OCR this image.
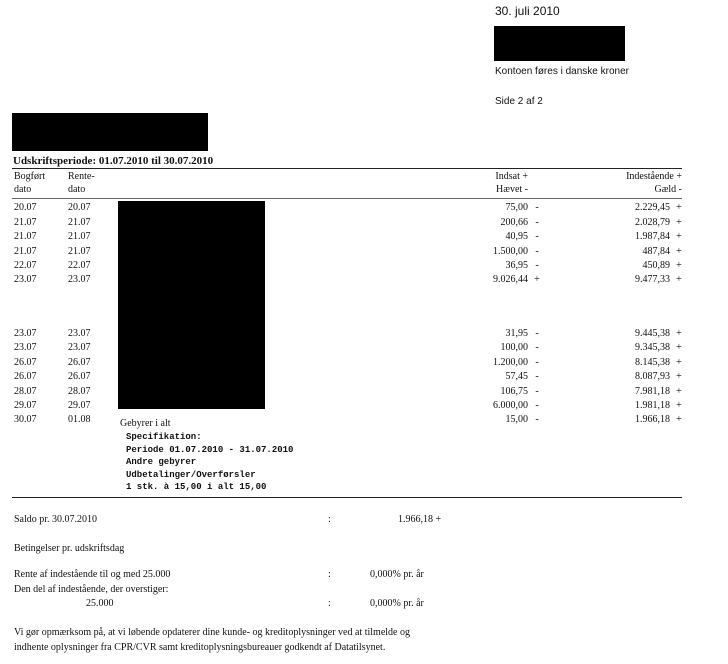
30. juli 2010
Kontoen føres i danske kroner
Side 2 af 2
Udskriftsperiode: 01.07.2010 til 30.07.2010
Bogført
dato
Rente-
dato
Indsat +
Hævet -
Indestående +
Gæld -
20.07	20.07	75,00 -	2.229,45 +
21.07	21.07	200,66 -	2.028,79 +
21.07	21.07	40,95 -	1.987,84 +
21.07	21.07	1.500,00 -	487,84 +
22.07	22.07	36,95 -	450,89 +
23.07	23.07	9.026,44 +	9.477,33 +
23.07	23.07	31,95 -	9.445,38 +
23.07	23.07	100,00 -	9.345,38 +
26.07	26.07	1.200,00 -	8.145,38 +
26.07	26.07	57,45 -	8.087,93 +
28.07	28.07	106,75 -	7.981,18 +
29.07	29.07	6.000,00 -	1.981,18 +
30.07	01.08	15,00 -	1.966,18 +
Gebyrer i alt
Specifikation:
Periode 01.07.2010 - 31.07.2010
Andre gebyrer
Udbetalinger/Overførsler
1 stk. à 15,00 i alt 15,00
Saldo pr. 30.07.2010	:	1.966,18 +
Betingelser pr. udskriftsdag
Rente af indestående til og med 25.000	:	0,000% pr. år
Den del af indestående, der overstiger:
25.000	:	0,000% pr. år
Vi gør opmærksom på, at vi løbende opdaterer dine kunde- og kreditoplysninger ved at tilmelde og
indhente oplysninger fra CPR/CVR samt kreditoplysningsbureauer godkendt af Datatilsynet.
